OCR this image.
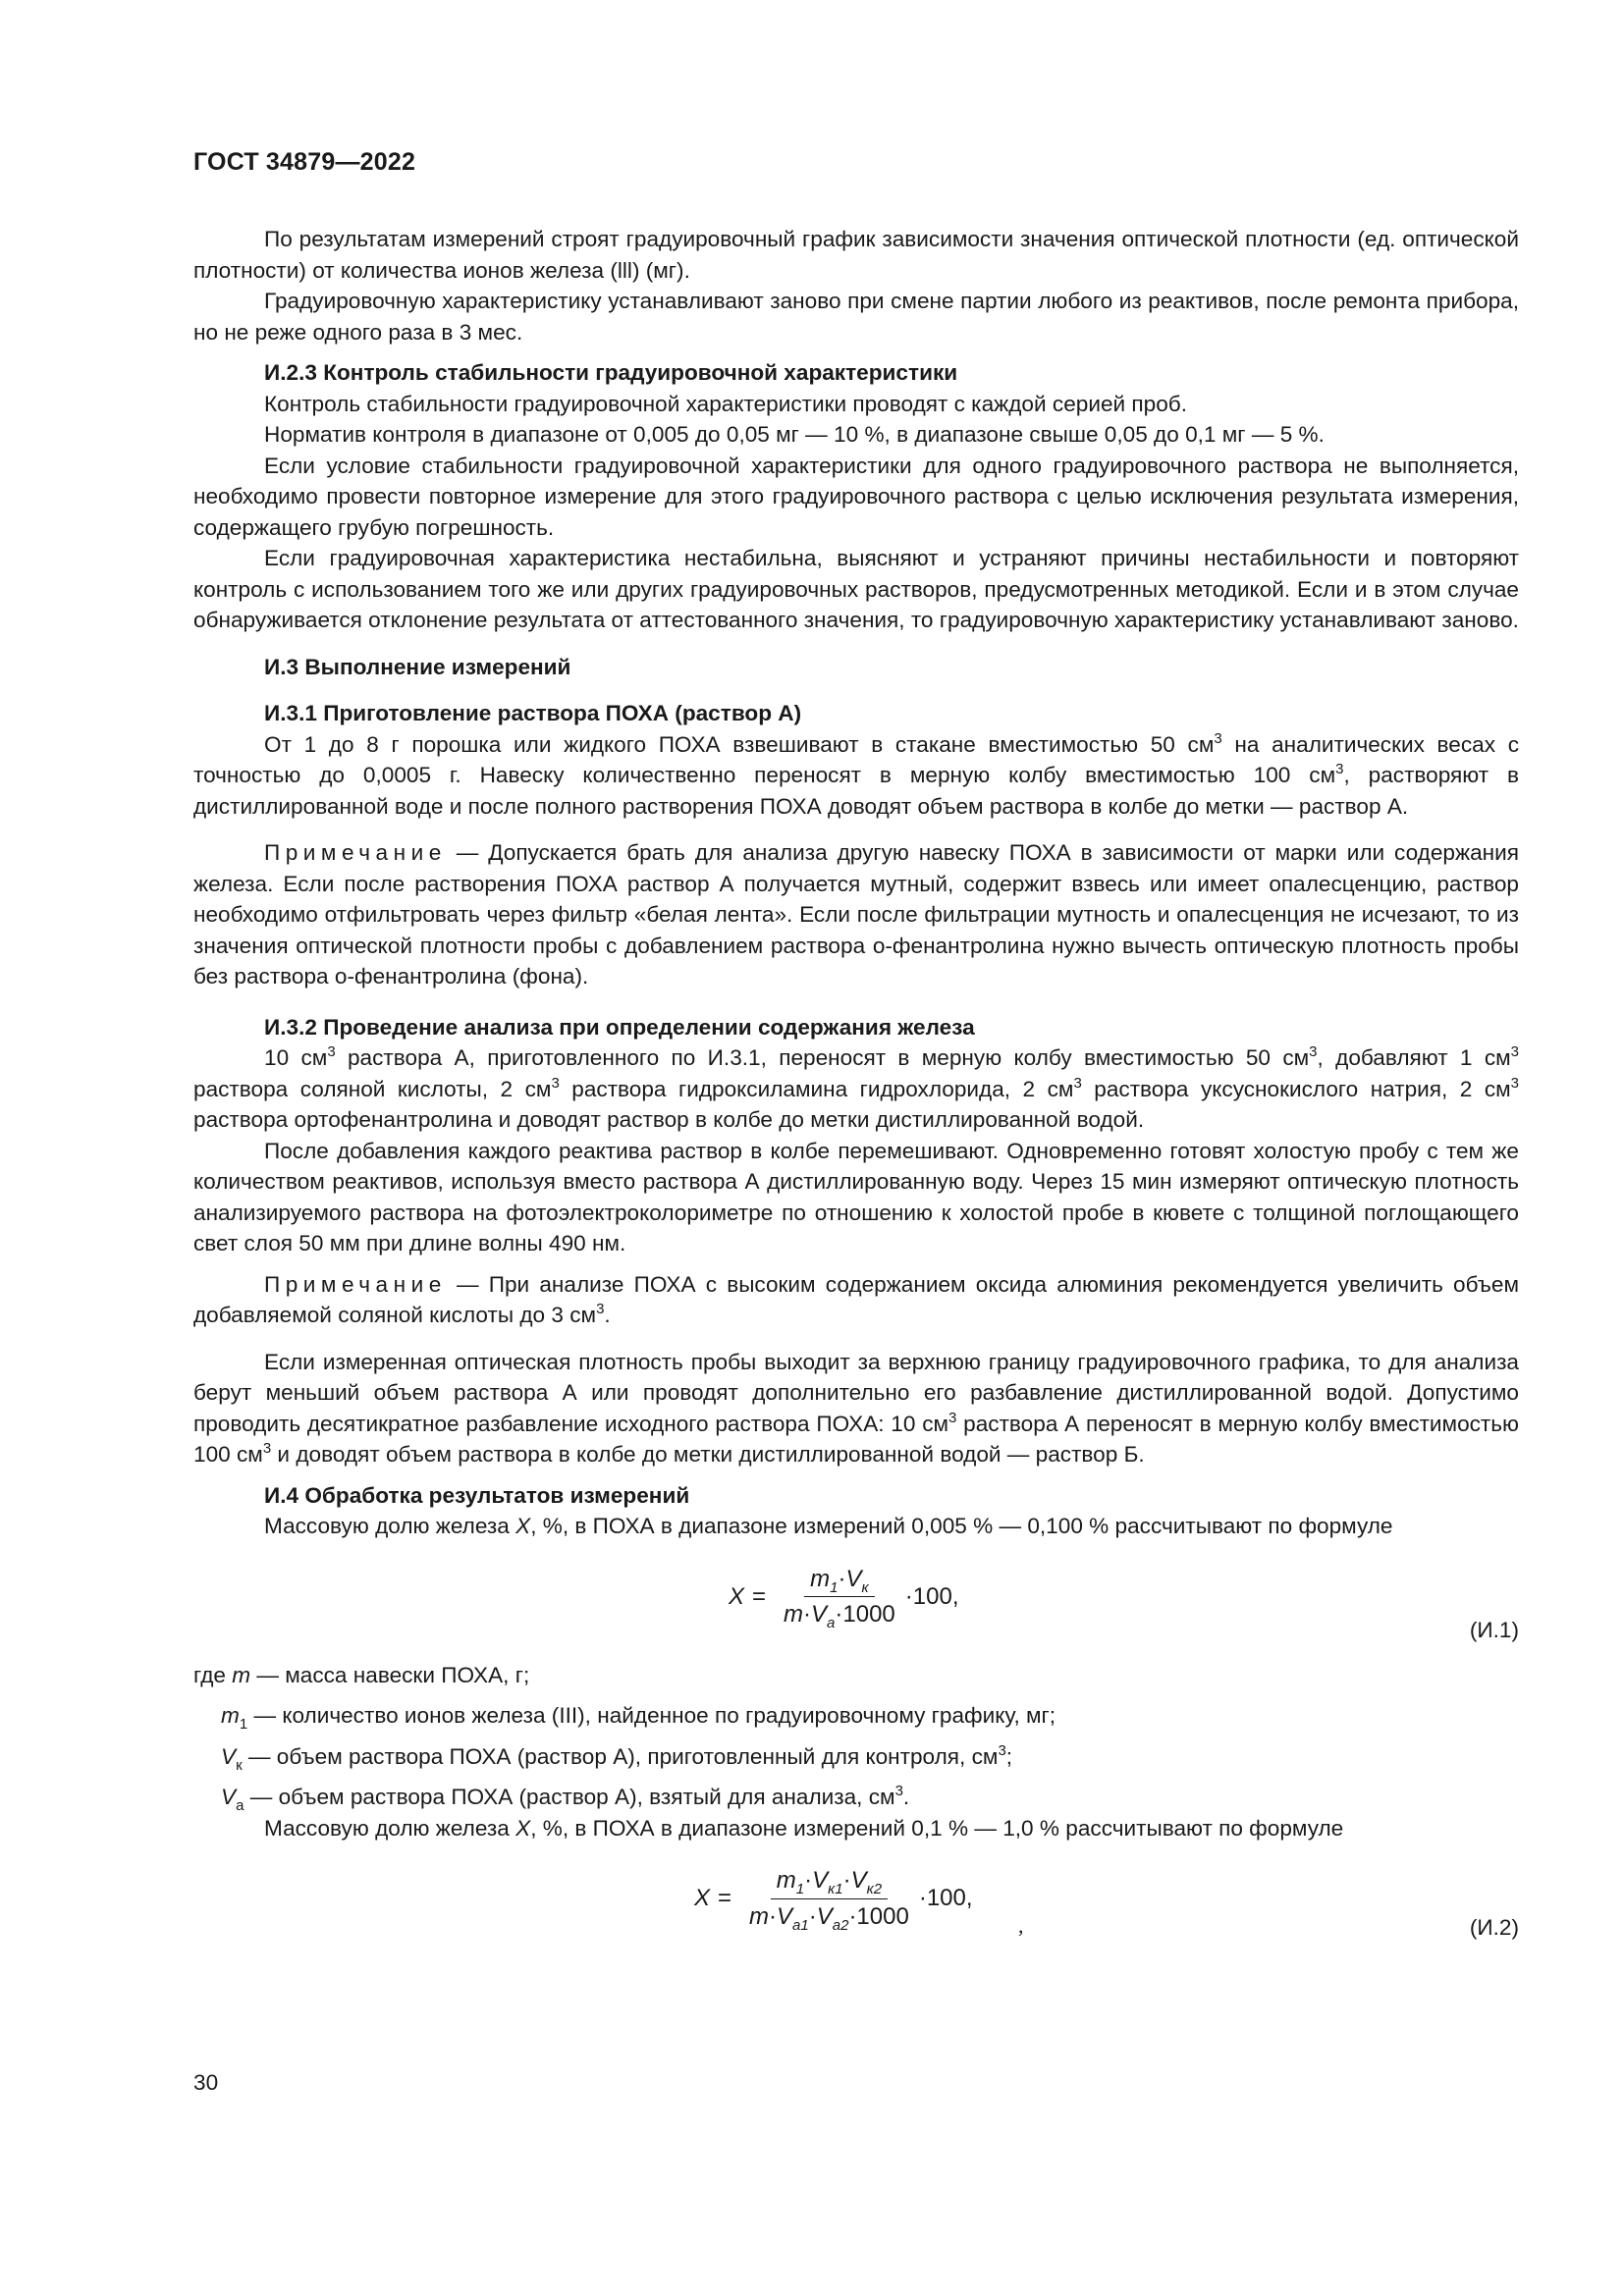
ГОСТ 34879—2022

По результатам измерений строят градуировочный график зависимости значения оптической плотности (ед. оптической плотности) от количества ионов железа (lll) (мг).

Градуировочную характеристику устанавливают заново при смене партии любого из реактивов, после ремонта прибора, но не реже одного раза в 3 мес.

И.2.3 Контроль стабильности градуировочной характеристики

Контроль стабильности градуировочной характеристики проводят с каждой серией проб.

Норматив контроля в диапазоне от 0,005 до 0,05 мг — 10 %, в диапазоне свыше 0,05 до 0,1 мг — 5 %.

Если условие стабильности градуировочной характеристики для одного градуировочного раствора не выполняется, необходимо провести повторное измерение для этого градуировочного раствора с целью исключения результата измерения, содержащего грубую погрешность.

Если градуировочная характеристика нестабильна, выясняют и устраняют причины нестабильности и повторяют контроль с использованием того же или других градуировочных растворов, предусмотренных методикой. Если и в этом случае обнаруживается отклонение результата от аттестованного значения, то градуировочную характеристику устанавливают заново.

И.3 Выполнение измерений
И.3.1 Приготовление раствора ПОХА (раствор А)

От 1 до 8 г порошка или жидкого ПОХА взвешивают в стакане вместимостью 50 $см^3$ на аналитических весах с точностью до 0,0005 г. Навеску количественно переносят в мерную колбу вместимостью 100 $см^3$, растворяют в дистиллированной воде и после полного растворения ПОХА доводят объем раствора в колбе до метки — раствор А.

Примечание — Допускается брать для анализа другую навеску ПОХА в зависимости от марки или содержания железа. Если после растворения ПОХА раствор А получается мутный, содержит взвесь или имеет опалесценцию, раствор необходимо отфильтровать через фильтр «белая лента». Если после фильтрации мутность и опалесценция не исчезают, то из значения оптической плотности пробы с добавлением раствора о-фенантролина нужно вычесть оптическую плотность пробы без раствора о-фенантролина (фона).

И.3.2 Проведение анализа при определении содержания железа

10 $см^3$ раствора А, приготовленного по И.3.1, переносят в мерную колбу вместимостью 50 $см^3$, добавляют 1 $см^3$ раствора соляной кислоты, 2 $см^3$ раствора гидроксиламина гидрохлорида, 2 $см^3$ раствора уксуснокислого натрия, 2 $см^3$ раствора ортофенантролина и доводят раствор в колбе до метки дистиллированной водой.

После добавления каждого реактива раствор в колбе перемешивают. Одновременно готовят холостую пробу с тем же количеством реактивов, используя вместо раствора А дистиллированную воду. Через 15 мин измеряют оптическую плотность анализируемого раствора на фотоэлектроколориметре по отношению к холостой пробе в кювете с толщиной поглощающего свет слоя 50 мм при длине волны 490 нм.

Примечание — При анализе ПОХА с высоким содержанием оксида алюминия рекомендуется увеличить объем добавляемой соляной кислоты до 3 $см^3$.

Если измеренная оптическая плотность пробы выходит за верхнюю границу градуировочного графика, то для анализа берут меньший объем раствора А или проводят дополнительно его разбавление дистиллированной водой. Допустимо проводить десятикратное разбавление исходного раствора ПОХА: 10 $см^3$ раствора А переносят в мерную колбу вместимостью 100 $см^3$ и доводят объем раствора в колбе до метки дистиллированной водой — раствор Б.

И.4 Обработка результатов измерений

Массовую долю железа X, %, в ПОХА в диапазоне измерений 0,005 % — 0,100 % рассчитывают по формуле

$X = \frac{m_1\cdot V_к}{m\cdot V_а\cdot 1000} \cdot 100$,
(И.1)

где m — масса навески ПОХА, г;

$m_1$ — количество ионов железа (III), найденное по градуировочному графику, мг;

$V_к$ — объем раствора ПОХА (раствор А), приготовленный для контроля, $см^3$;

$V_а$ — объем раствора ПОХА (раствор А), взятый для анализа, $см^3$.

Массовую долю железа X, %, в ПОХА в диапазоне измерений 0,1 % — 1,0 % рассчитывают по формуле

$X = \frac{m_1\cdot V_{к1}\cdot V_{к2}}{m\cdot V_{а1}\cdot V_{а2}\cdot 1000} \cdot 100$,
,	(И.2)
30
